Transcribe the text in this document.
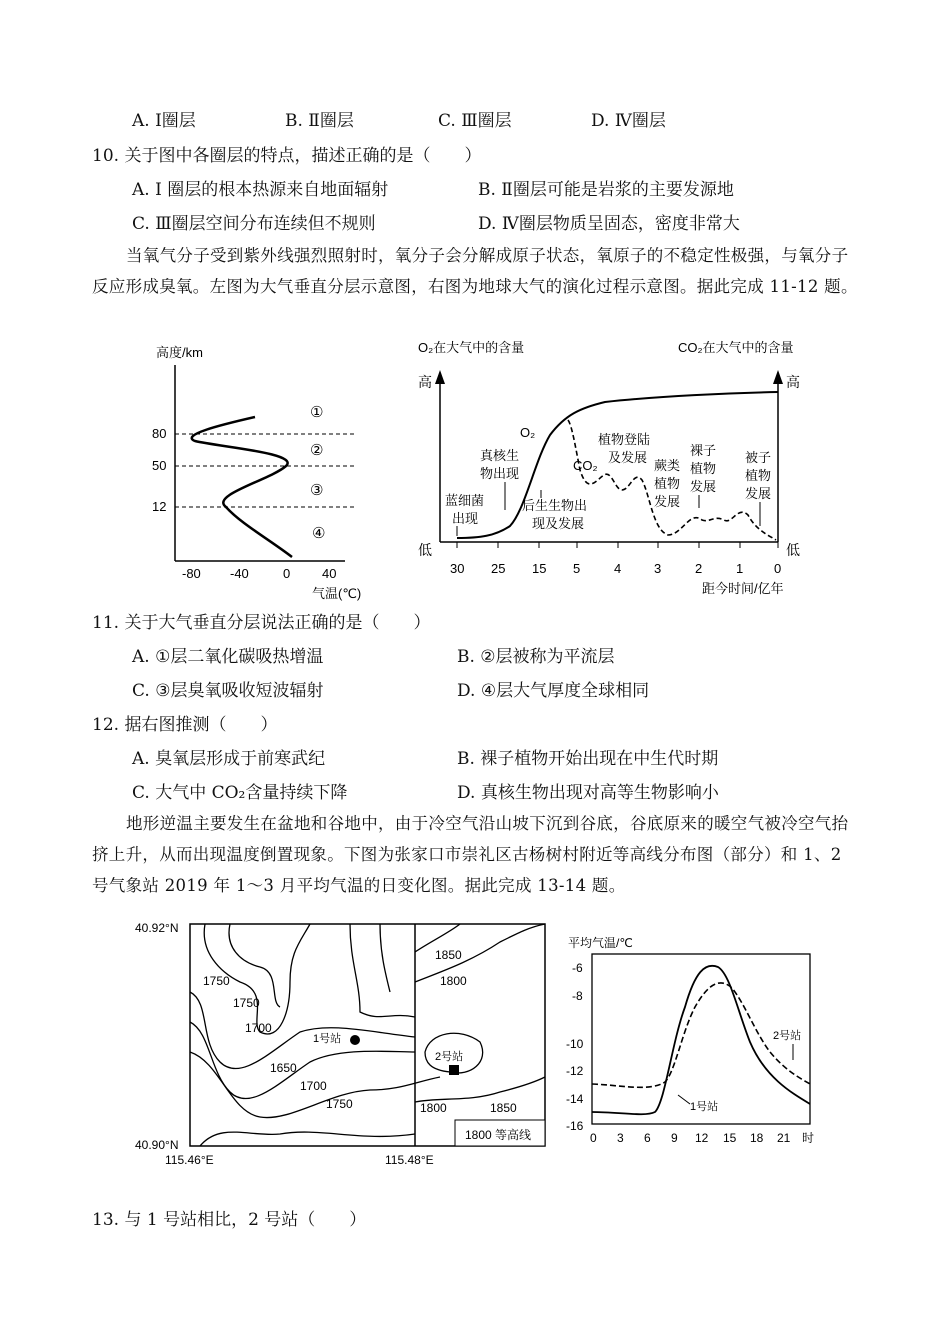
A. Ⅰ圈层	B. Ⅱ圈层	C. Ⅲ圈层	D. Ⅳ圈层
10. 关于图中各圈层的特点，描述正确的是（　　）
A. I 圈层的根本热源来自地面辐射	B. Ⅱ圈层可能是岩浆的主要发源地
C. Ⅲ圈层空间分布连续但不规则	D. Ⅳ圈层物质呈固态，密度非常大
当氧气分子受到紫外线强烈照射时，氧分子会分解成原子状态，氧原子的不稳定性极强，与氧分子反应形成臭氧。左图为大气垂直分层示意图，右图为地球大气的演化过程示意图。据此完成 11-12 题。
高度/km
80
50
12
①
②
③
④
-80 -40	0 40
气温(℃)
O₂在大气中的含量	CO₂在大气中的含量
高	高
低	低
30 25 15 5	4	3	2	1 0
距今时间/亿年
O₂
CO₂
蓝细菌
出现
真核生
物出现
后生生物出
现及发展
植物登陆
及发展
蕨类
植物
发展
裸子
植物
发展
被子
植物
发展
11. 关于大气垂直分层说法正确的是（　　）
A. ①层二氧化碳吸热增温	B. ②层被称为平流层
C. ③层臭氧吸收短波辐射	D. ④层大气厚度全球相同
12. 据右图推测（　　）
A. 臭氧层形成于前寒武纪	B. 裸子植物开始出现在中生代时期
C. 大气中 CO₂含量持续下降	D. 真核生物出现对高等生物影响小
地形逆温主要发生在盆地和谷地中，由于冷空气沿山坡下沉到谷底，谷底原来的暖空气被冷空气抬挤上升，从而出现温度倒置现象。下图为张家口市崇礼区古杨树村附近等高线分布图（部分）和 1、2 号气象站 2019 年 1～3 月平均气温的日变化图。据此完成 13-14 题。
40.92°N
40.90°N
115.46°E	115.48°E
1750
1750
1700
1650
1700
1750
1850
1800
1800	1850
1号站
2号站
1800 等高线
平均气温/℃
-6
-8
-10
-12
-14
-16
0 3 6 9 12 15 18 21 时
2号站
1号站
13. 与 1 号站相比，2 号站（　　）
